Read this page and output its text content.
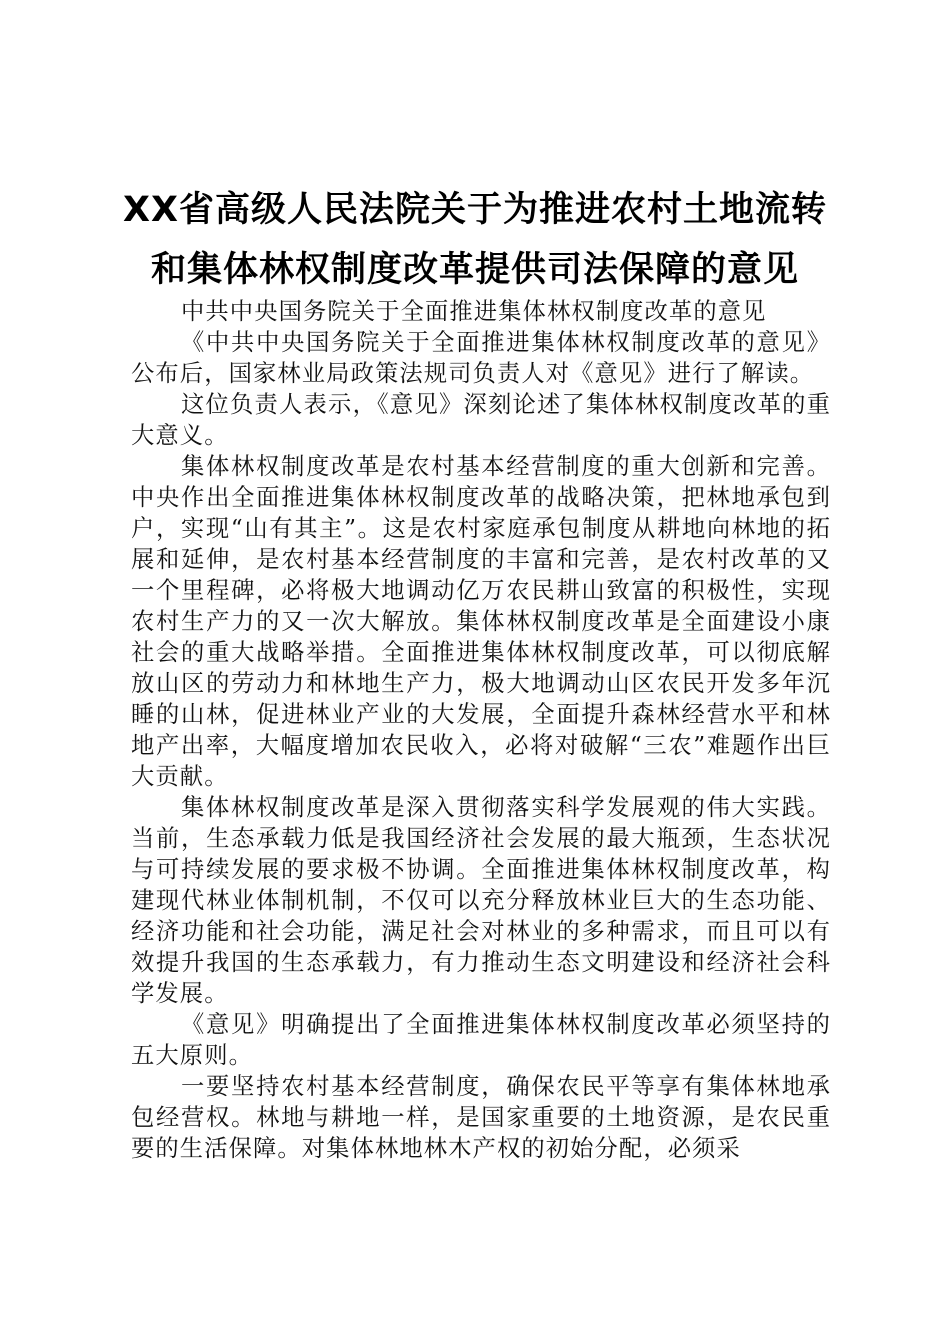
XX省高级人民法院关于为推进农村土地流转
和集体林权制度改革提供司法保障的意见
中共中央国务院关于全面推进集体林权制度改革的意见

《中共中央国务院关于全面推进集体林权制度改革的意见》公布后，国家林业局政策法规司负责人对《意见》进行了解读。

这位负责人表示，《意见》深刻论述了集体林权制度改革的重大意义。

集体林权制度改革是农村基本经营制度的重大创新和完善。中央作出全面推进集体林权制度改革的战略决策，把林地承包到户，实现“山有其主”。这是农村家庭承包制度从耕地向林地的拓展和延伸，是农村基本经营制度的丰富和完善，是农村改革的又一个里程碑，必将极大地调动亿万农民耕山致富的积极性，实现农村生产力的又一次大解放。集体林权制度改革是全面建设小康社会的重大战略举措。全面推进集体林权制度改革，可以彻底解放山区的劳动力和林地生产力，极大地调动山区农民开发多年沉睡的山林，促进林业产业的大发展，全面提升森林经营水平和林地产出率，大幅度增加农民收入，必将对破解“三农”难题作出巨大贡献。

集体林权制度改革是深入贯彻落实科学发展观的伟大实践。当前，生态承载力低是我国经济社会发展的最大瓶颈，生态状况与可持续发展的要求极不协调。全面推进集体林权制度改革，构建现代林业体制机制，不仅可以充分释放林业巨大的生态功能、经济功能和社会功能，满足社会对林业的多种需求，而且可以有效提升我国的生态承载力，有力推动生态文明建设和经济社会科学发展。

《意见》明确提出了全面推进集体林权制度改革必须坚持的五大原则。

一要坚持农村基本经营制度，确保农民平等享有集体林地承包经营权。林地与耕地一样，是国家重要的土地资源，是农民重要的生活保障。对集体林地林木产权的初始分配，必须采
